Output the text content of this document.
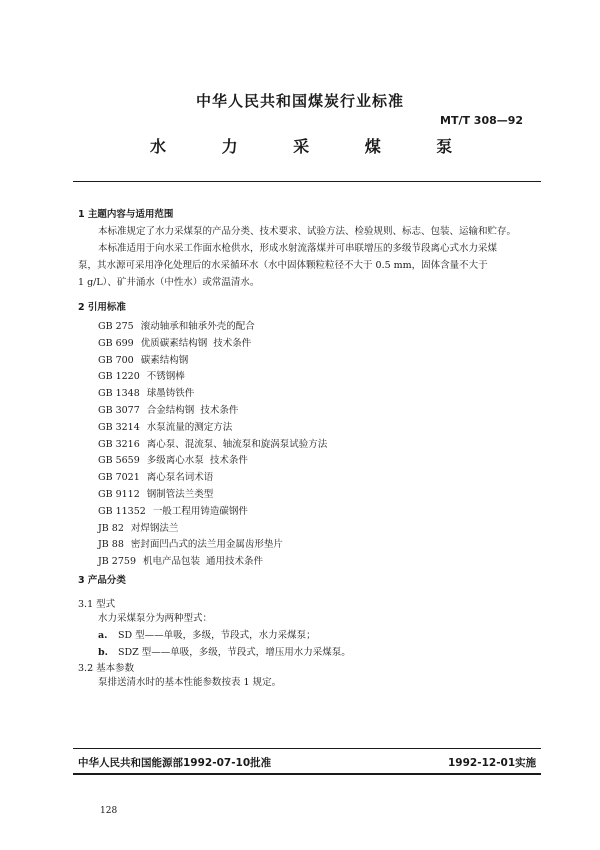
中华人民共和国煤炭行业标准
MT/T 308—92
水 力 采 煤 泵
1 主题内容与适用范围
本标准规定了水力采煤泵的产品分类、技术要求、试验方法、检验规则、标志、包装、运输和贮存。
本标准适用于向水采工作面水枪供水，形成水射流落煤并可串联增压的多级节段离心式水力采煤
泵，其水源可采用净化处理后的水采循环水（水中固体颗粒粒径不大于 0.5 mm，固体含量不大于
1 g/L）、矿井涌水（中性水）或常温清水。
2 引用标准
GB 275 滚动轴承和轴承外壳的配合
GB 699 优质碳素结构钢  技术条件
GB 700 碳素结构钢
GB 1220 不锈钢棒
GB 1348 球墨铸铁件
GB 3077 合金结构钢  技术条件
GB 3214 水泵流量的测定方法
GB 3216 离心泵、混流泵、轴流泵和旋涡泵试验方法
GB 5659 多级离心水泵  技术条件
GB 7021 离心泵名词术语
GB 9112 钢制管法兰类型
GB 11352 一般工程用铸造碳钢件
JB 82 对焊钢法兰
JB 88 密封面凹凸式的法兰用金属齿形垫片
JB 2759 机电产品包装  通用技术条件
3 产品分类
3.1 型式
水力采煤泵分为两种型式：
a. SD 型——单吸，多级，节段式，水力采煤泵；
b. SDZ 型——单吸，多级，节段式，增压用水力采煤泵。
3.2 基本参数
泵排送清水时的基本性能参数按表 1 规定。
中华人民共和国能源部1992-07-10批准	1992-12-01实施
128
